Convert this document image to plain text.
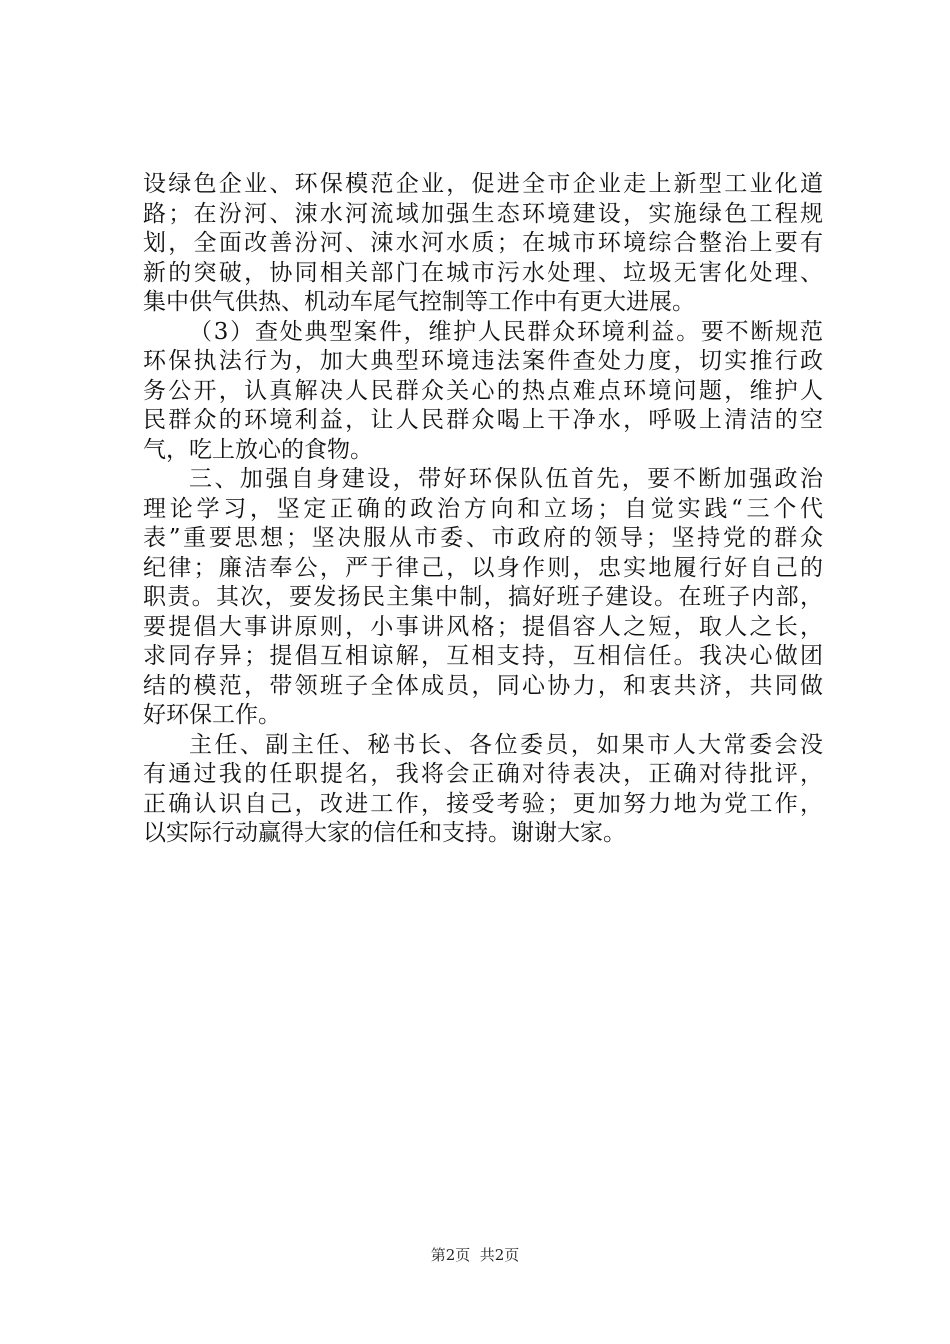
设绿色企业、环保模范企业，促进全市企业走上新型工业化道
路；在汾河、涑水河流域加强生态环境建设，实施绿色工程规
划，全面改善汾河、涑水河水质；在城市环境综合整治上要有
新的突破，协同相关部门在城市污水处理、垃圾无害化处理、
集中供气供热、机动车尾气控制等工作中有更大进展。
（3）查处典型案件，维护人民群众环境利益。要不断规范
环保执法行为，加大典型环境违法案件查处力度，切实推行政
务公开，认真解决人民群众关心的热点难点环境问题，维护人
民群众的环境利益，让人民群众喝上干净水，呼吸上清洁的空
气，吃上放心的食物。
三、加强自身建设，带好环保队伍首先，要不断加强政治
理论学习，坚定正确的政治方向和立场；自觉实践“三个代
表”重要思想；坚决服从市委、市政府的领导；坚持党的群众
纪律；廉洁奉公，严于律己，以身作则，忠实地履行好自己的
职责。其次，要发扬民主集中制，搞好班子建设。在班子内部，
要提倡大事讲原则，小事讲风格；提倡容人之短，取人之长，
求同存异；提倡互相谅解，互相支持，互相信任。我决心做团
结的模范，带领班子全体成员，同心协力，和衷共济，共同做
好环保工作。
主任、副主任、秘书长、各位委员，如果市人大常委会没
有通过我的任职提名，我将会正确对待表决，正确对待批评，
正确认识自己，改进工作，接受考验；更加努力地为党工作，
以实际行动赢得大家的信任和支持。谢谢大家。
第2页  共2页
